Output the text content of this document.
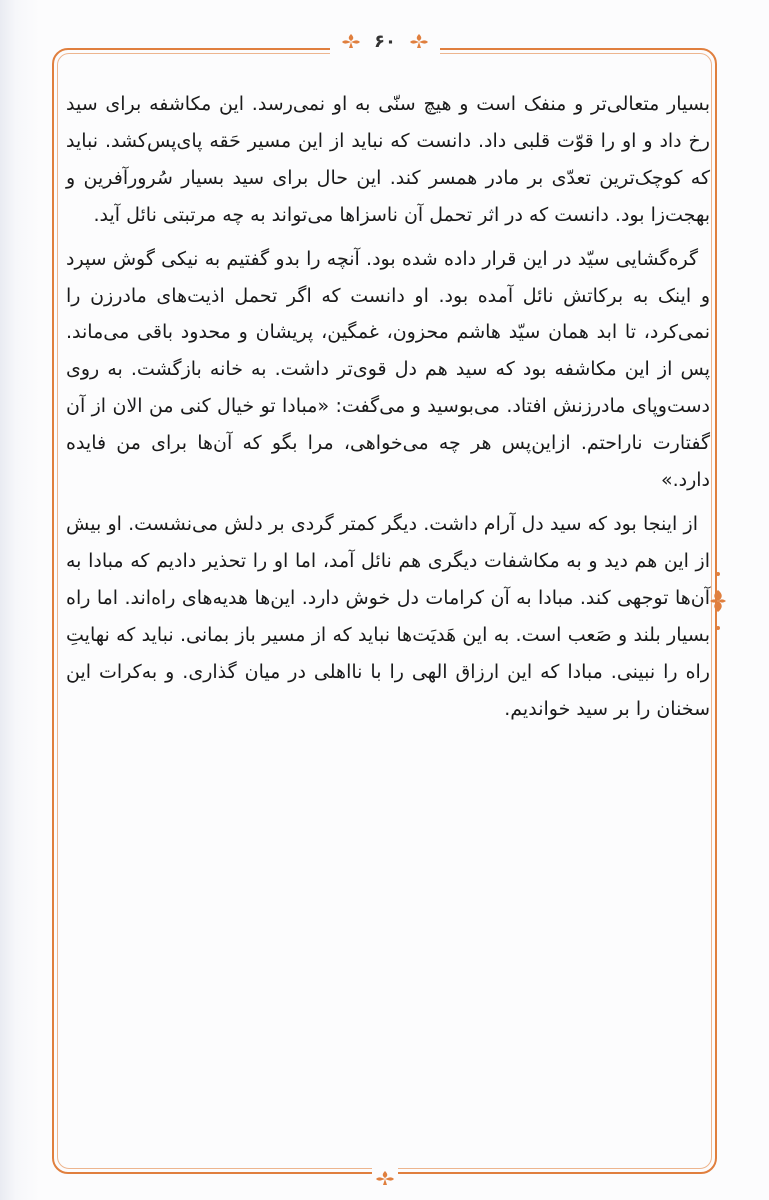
۶۰

بسیار متعالی‌تر و منفک است و هیچ سنّی به او نمی‌رسد. این مکاشفه برای سید رخ داد و او را قوّت قلبی داد. دانست که نباید از این مسیر حَقه پای‌پس‌کشد. نباید که کوچک‌ترین تعدّی بر مادر همسر کند. این حال برای سید بسیار سُرورآفرین و بهجت‌زا بود. دانست که در اثر تحمل آن ناسزاها می‌تواند به چه مرتبتی نائل آید.

گره‌گشایی سیّد در این قرار داده شده بود. آنچه را بدو گفتیم به نیکی گوش سپرد و اینک به برکاتش نائل آمده بود. او دانست که اگر تحمل اذیت‌های مادرزن را نمی‌کرد، تا ابد همان سیّد هاشم محزون، غمگین، پریشان و محدود باقی می‌ماند. پس از این مکاشفه بود که سید هم دل قوی‌تر داشت. به خانه بازگشت. به روی دست‌وپای مادرزنش افتاد. می‌بوسید و می‌گفت: «مبادا تو خیال کنی من الان از آن گفتارت ناراحتم. ازاین‌پس هر چه می‌خواهی، مرا بگو که آن‌ها برای من فایده دارد.»

از اینجا بود که سید دل آرام داشت. دیگر کمتر گردی بر دلش می‌نشست. او بیش از این هم دید و به مکاشفات دیگری هم نائل آمد، اما او را تحذیر دادیم که مبادا به آن‌ها توجهی کند. مبادا به آن کرامات دل خوش دارد. این‌ها هدیه‌های راه‌اند. اما راه بسیار بلند و صَعب است. به این هَدیَت‌ها نباید که از مسیر باز بمانی. نباید که نهایتِ راه را نبینی. مبادا که این ارزاق الهی را با نااهلی در میان گذاری. و به‌کرات این سخنان را بر سید خواندیم.
